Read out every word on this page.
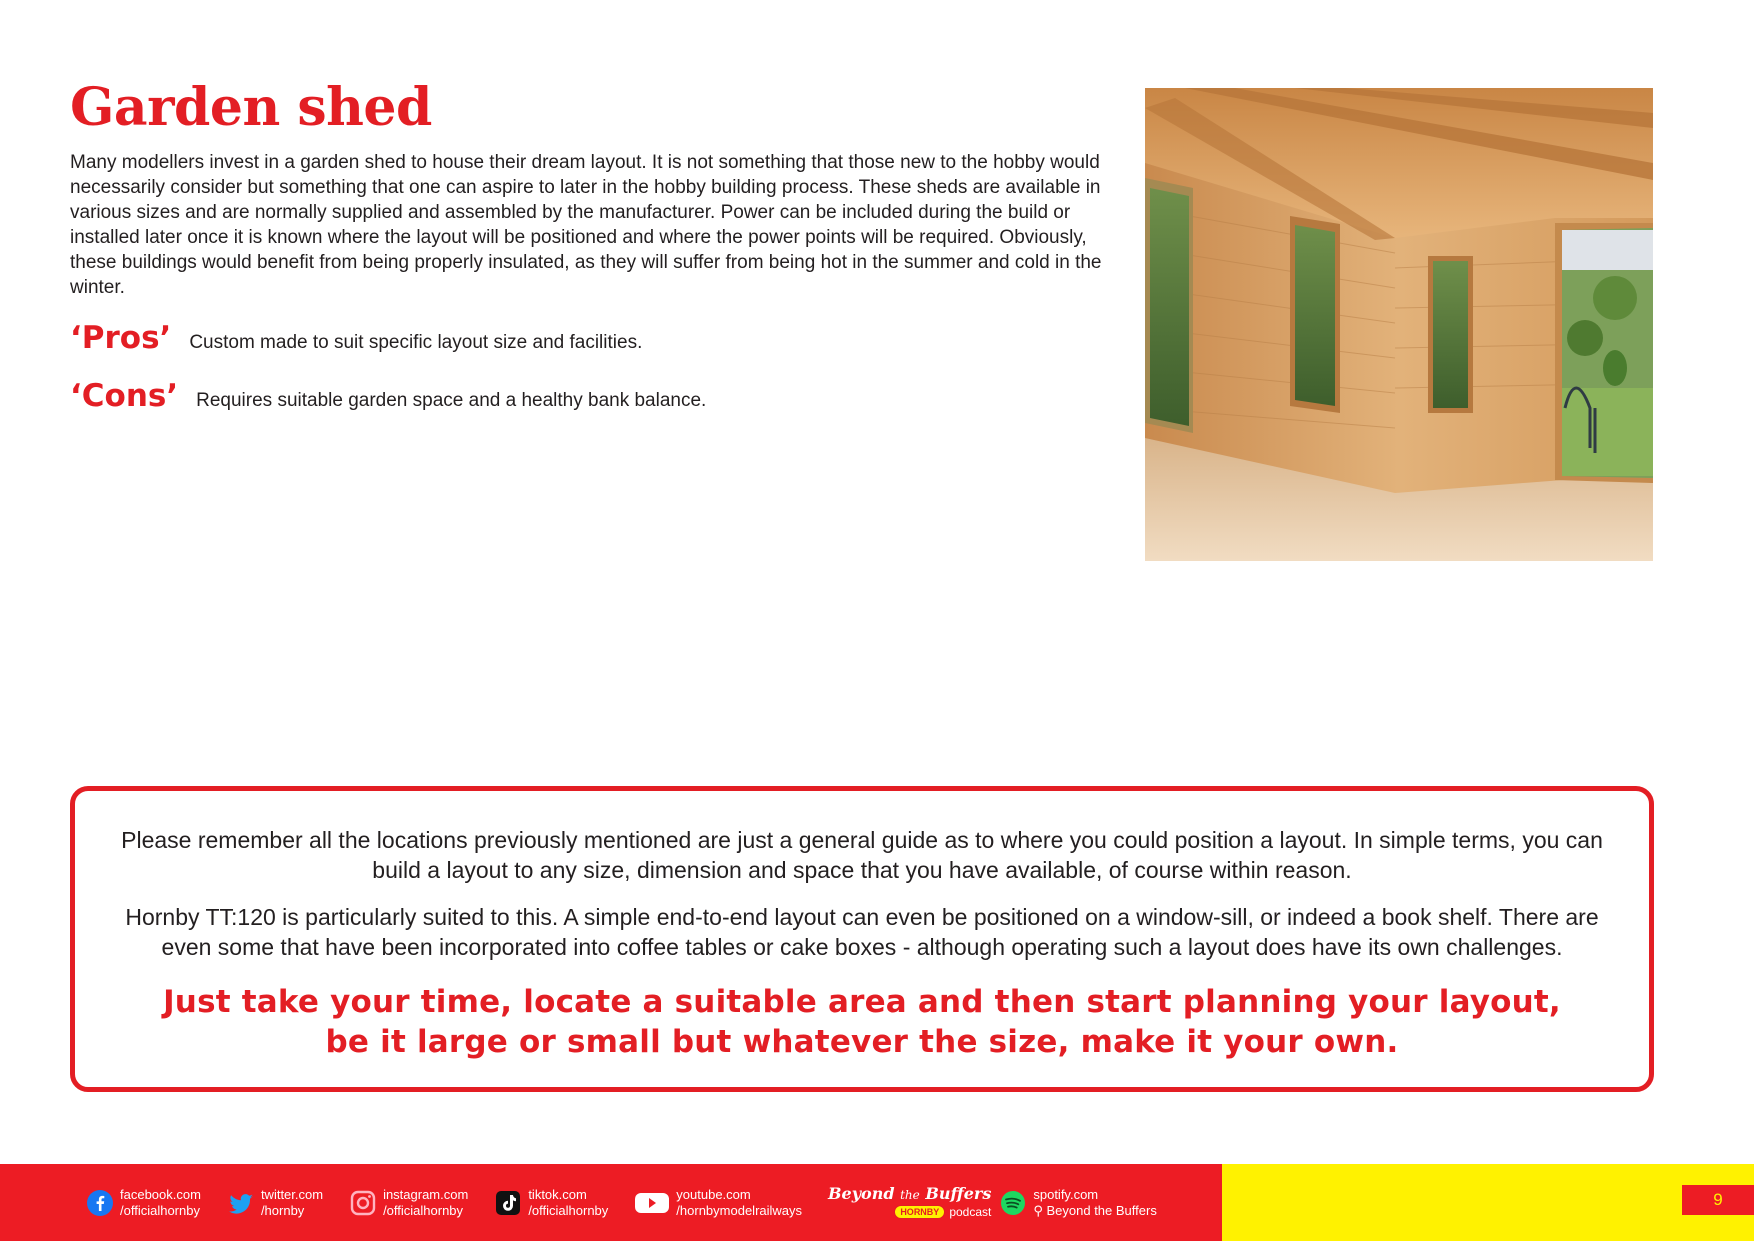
Garden shed

Many modellers invest in a garden shed to house their dream layout. It is not something that those new to the hobby would necessarily consider but something that one can aspire to later in the hobby building process. These sheds are available in various sizes and are normally supplied and assembled by the manufacturer. Power can be included during the build or installed later once it is known where the layout will be positioned and where the power points will be required. Obviously, these buildings would benefit from being properly insulated, as they will suffer from being hot in the summer and cold in the winter.

‘Pros’ Custom made to suit specific layout size and facilities.
‘Cons’ Requires suitable garden space and a healthy bank balance.

Please remember all the locations previously mentioned are just a general guide as to where you could position a layout. In simple terms, you can build a layout to any size, dimension and space that you have available, of course within reason.

Hornby TT:120 is particularly suited to this. A simple end-to-end layout can even be positioned on a window-sill, or indeed a book shelf. There are even some that have been incorporated into coffee tables or cake boxes - although operating such a layout does have its own challenges.

Just take your time, locate a suitable area and then start planning your layout,
be it large or small but whatever the size, make it your own.
facebook.com
/officialhornby
twitter.com
/hornby
instagram.com
/officialhornby
tiktok.com
/officialhornby
youtube.com
/hornbymodelrailways
Beyond the Buffers
HORNBY podcast
spotify.com
⚲ Beyond the Buffers
9
